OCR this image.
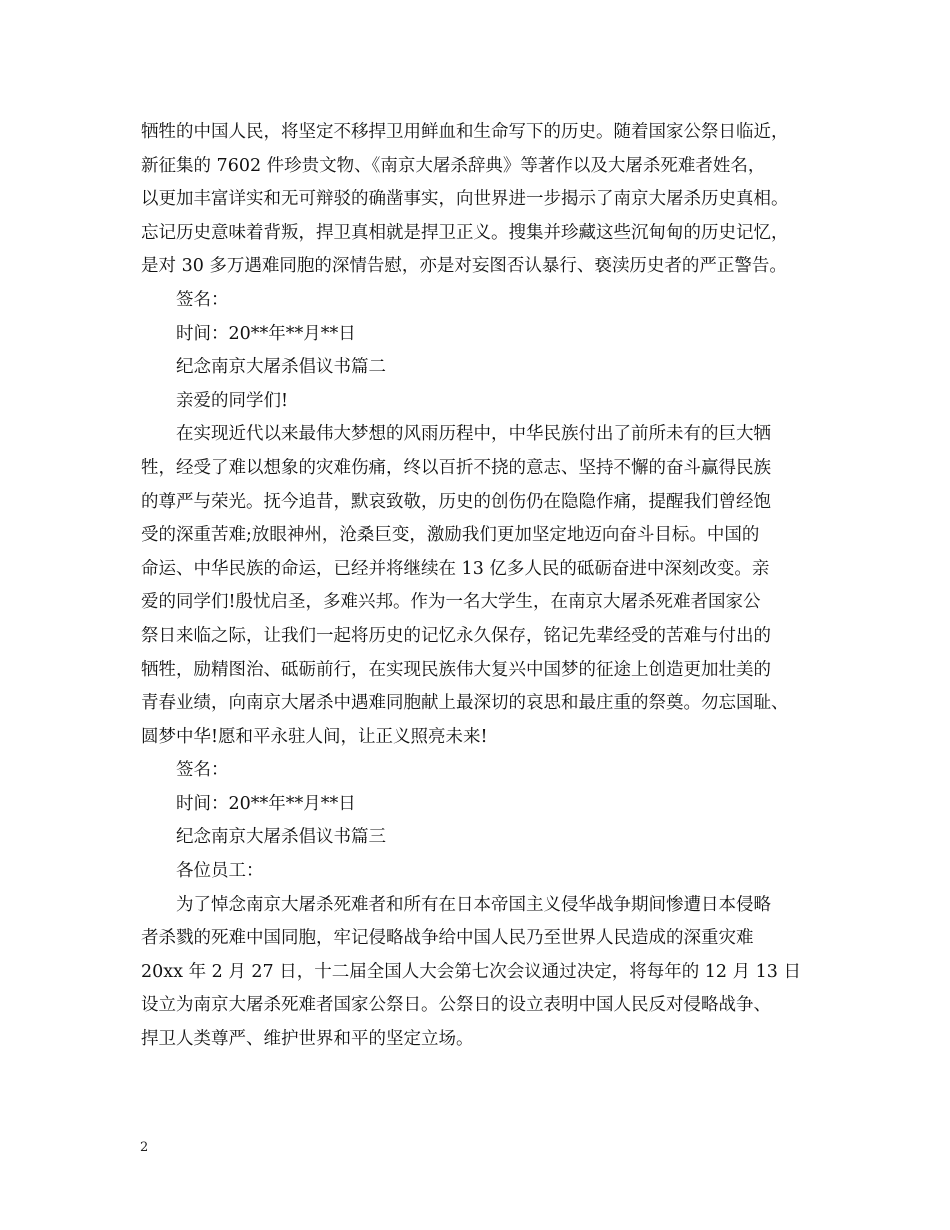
牺牲的中国人民，将坚定不移捍卫用鲜血和生命写下的历史。随着国家公祭日临近，
新征集的 7602 件珍贵文物、《南京大屠杀辞典》等著作以及大屠杀死难者姓名，
以更加丰富详实和无可辩驳的确凿事实，向世界进一步揭示了南京大屠杀历史真相。
忘记历史意味着背叛，捍卫真相就是捍卫正义。搜集并珍藏这些沉甸甸的历史记忆，
是对 30 多万遇难同胞的深情告慰，亦是对妄图否认暴行、亵渎历史者的严正警告。
签名：
时间：20**年**月**日
纪念南京大屠杀倡议书篇二
亲爱的同学们!
在实现近代以来最伟大梦想的风雨历程中，中华民族付出了前所未有的巨大牺
牲，经受了难以想象的灾难伤痛，终以百折不挠的意志、坚持不懈的奋斗赢得民族
的尊严与荣光。抚今追昔，默哀致敬，历史的创伤仍在隐隐作痛，提醒我们曾经饱
受的深重苦难;放眼神州，沧桑巨变，激励我们更加坚定地迈向奋斗目标。中国的
命运、中华民族的命运，已经并将继续在 13 亿多人民的砥砺奋进中深刻改变。亲
爱的同学们!殷忧启圣，多难兴邦。作为一名大学生，在南京大屠杀死难者国家公
祭日来临之际，让我们一起将历史的记忆永久保存，铭记先辈经受的苦难与付出的
牺牲，励精图治、砥砺前行，在实现民族伟大复兴中国梦的征途上创造更加壮美的
青春业绩，向南京大屠杀中遇难同胞献上最深切的哀思和最庄重的祭奠。勿忘国耻、
圆梦中华!愿和平永驻人间，让正义照亮未来!
签名：
时间：20**年**月**日
纪念南京大屠杀倡议书篇三
各位员工：
为了悼念南京大屠杀死难者和所有在日本帝国主义侵华战争期间惨遭日本侵略
者杀戮的死难中国同胞，牢记侵略战争给中国人民乃至世界人民造成的深重灾难
20xx 年 2 月 27 日，十二届全国人大会第七次会议通过决定，将每年的 12 月 13 日
设立为南京大屠杀死难者国家公祭日。公祭日的设立表明中国人民反对侵略战争、
捍卫人类尊严、维护世界和平的坚定立场。
2
